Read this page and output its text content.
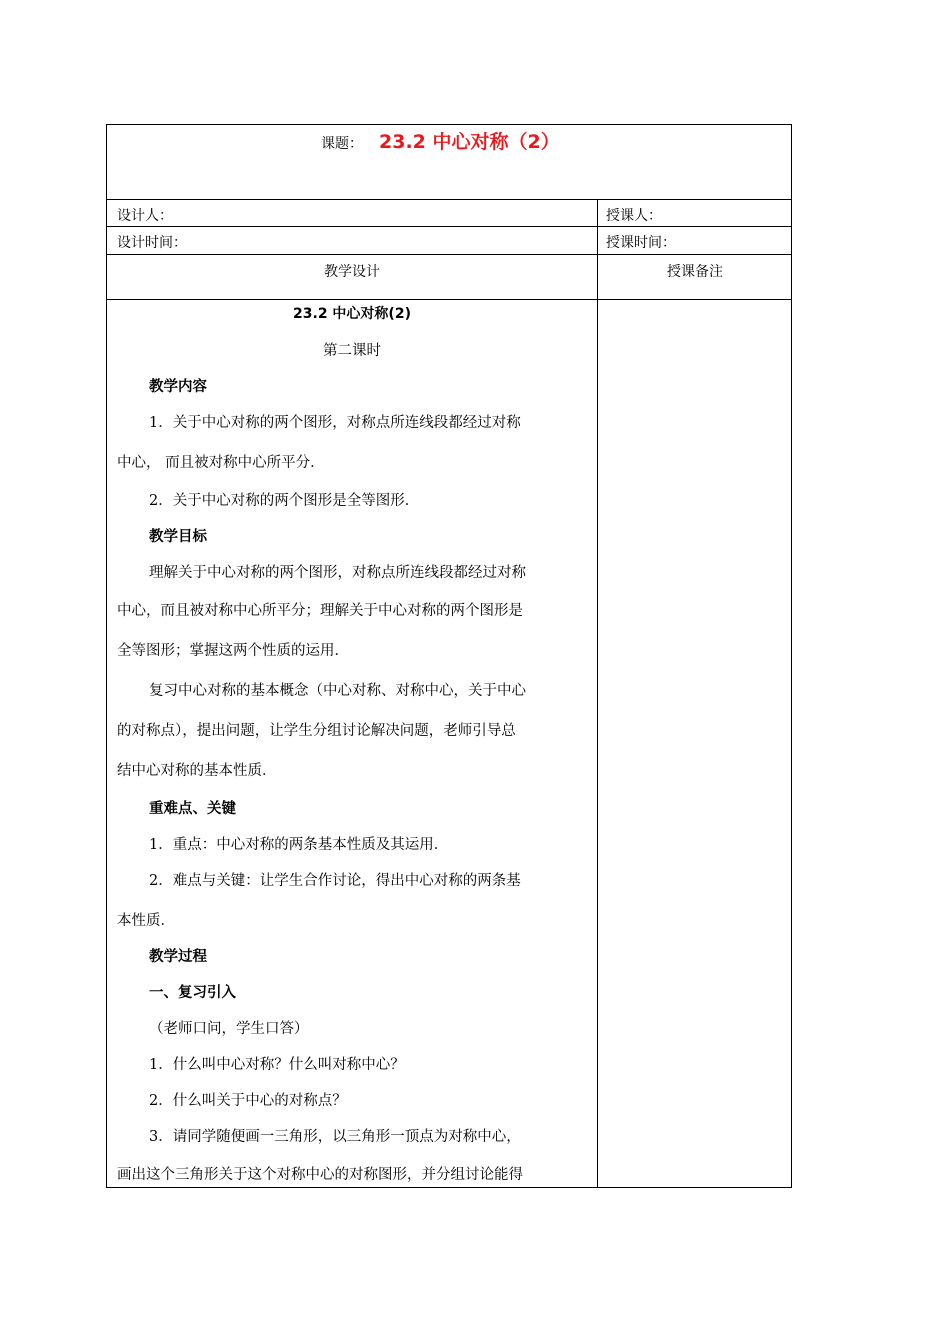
课题： 23.2 中心对称（2）
设计人：	授课人：
设计时间：	授课时间：
教学设计	授课备注
23.2 中心对称(2)
第二课时
教学内容
1．关于中心对称的两个图形，对称点所连线段都经过对称
中心， 而且被对称中心所平分．
2．关于中心对称的两个图形是全等图形．
教学目标
理解关于中心对称的两个图形，对称点所连线段都经过对称
中心，而且被对称中心所平分；理解关于中心对称的两个图形是
全等图形；掌握这两个性质的运用．
复习中心对称的基本概念（中心对称、对称中心，关于中心
的对称点），提出问题，让学生分组讨论解决问题，老师引导总
结中心对称的基本性质．
重难点、关键
1．重点：中心对称的两条基本性质及其运用．
2．难点与关键：让学生合作讨论，得出中心对称的两条基
本性质．
教学过程
一、复习引入
（老师口问，学生口答）
1．什么叫中心对称？什么叫对称中心？
2．什么叫关于中心的对称点？
3．请同学随便画一三角形，以三角形一顶点为对称中心，
画出这个三角形关于这个对称中心的对称图形，并分组讨论能得
